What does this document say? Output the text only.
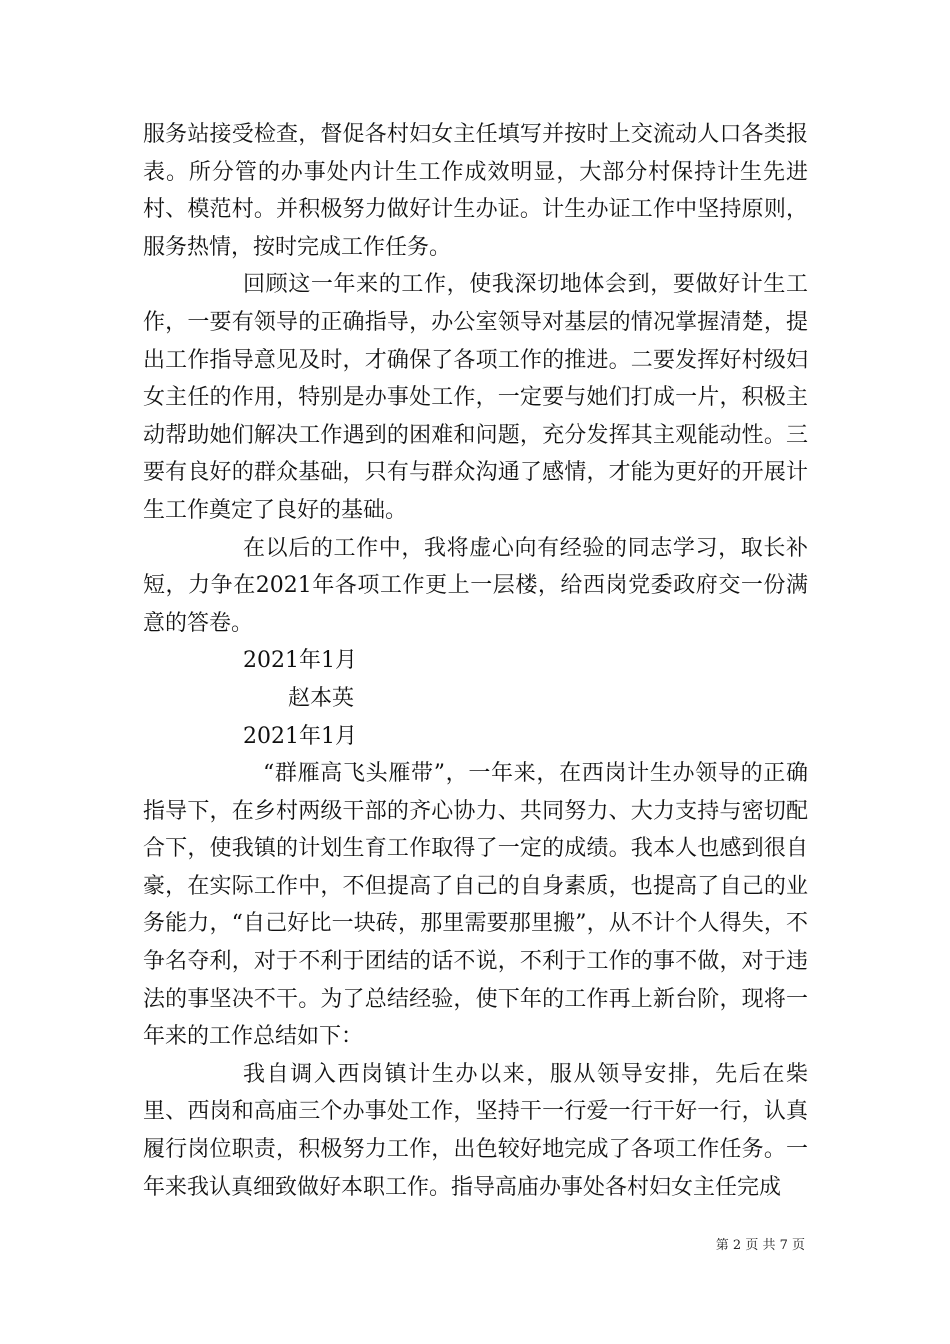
服务站接受检查，督促各村妇女主任填写并按时上交流动人口各类报表。所分管的办事处内计生工作成效明显，大部分村保持计生先进村、模范村。并积极努力做好计生办证。计生办证工作中坚持原则，服务热情，按时完成工作任务。

回顾这一年来的工作，使我深切地体会到，要做好计生工作，一要有领导的正确指导，办公室领导对基层的情况掌握清楚，提出工作指导意见及时，才确保了各项工作的推进。二要发挥好村级妇女主任的作用，特别是办事处工作，一定要与她们打成一片，积极主动帮助她们解决工作遇到的困难和问题，充分发挥其主观能动性。三要有良好的群众基础，只有与群众沟通了感情，才能为更好的开展计生工作奠定了良好的基础。

在以后的工作中，我将虚心向有经验的同志学习，取长补短，力争在2021年各项工作更上一层楼，给西岗党委政府交一份满意的答卷。

2021年1月

赵本英

2021年1月

“群雁高飞头雁带”，一年来，在西岗计生办领导的正确指导下，在乡村两级干部的齐心协力、共同努力、大力支持与密切配合下，使我镇的计划生育工作取得了一定的成绩。我本人也感到很自豪，在实际工作中，不但提高了自己的自身素质，也提高了自己的业务能力，“自己好比一块砖，那里需要那里搬”，从不计个人得失，不争名夺利，对于不利于团结的话不说，不利于工作的事不做，对于违法的事坚决不干。为了总结经验，使下年的工作再上新台阶，现将一年来的工作总结如下：

我自调入西岗镇计生办以来，服从领导安排，先后在柴里、西岗和高庙三个办事处工作，坚持干一行爱一行干好一行，认真履行岗位职责，积极努力工作，出色较好地完成了各项工作任务。一年来我认真细致做好本职工作。指导高庙办事处各村妇女主任完成

第 2 页 共 7 页
